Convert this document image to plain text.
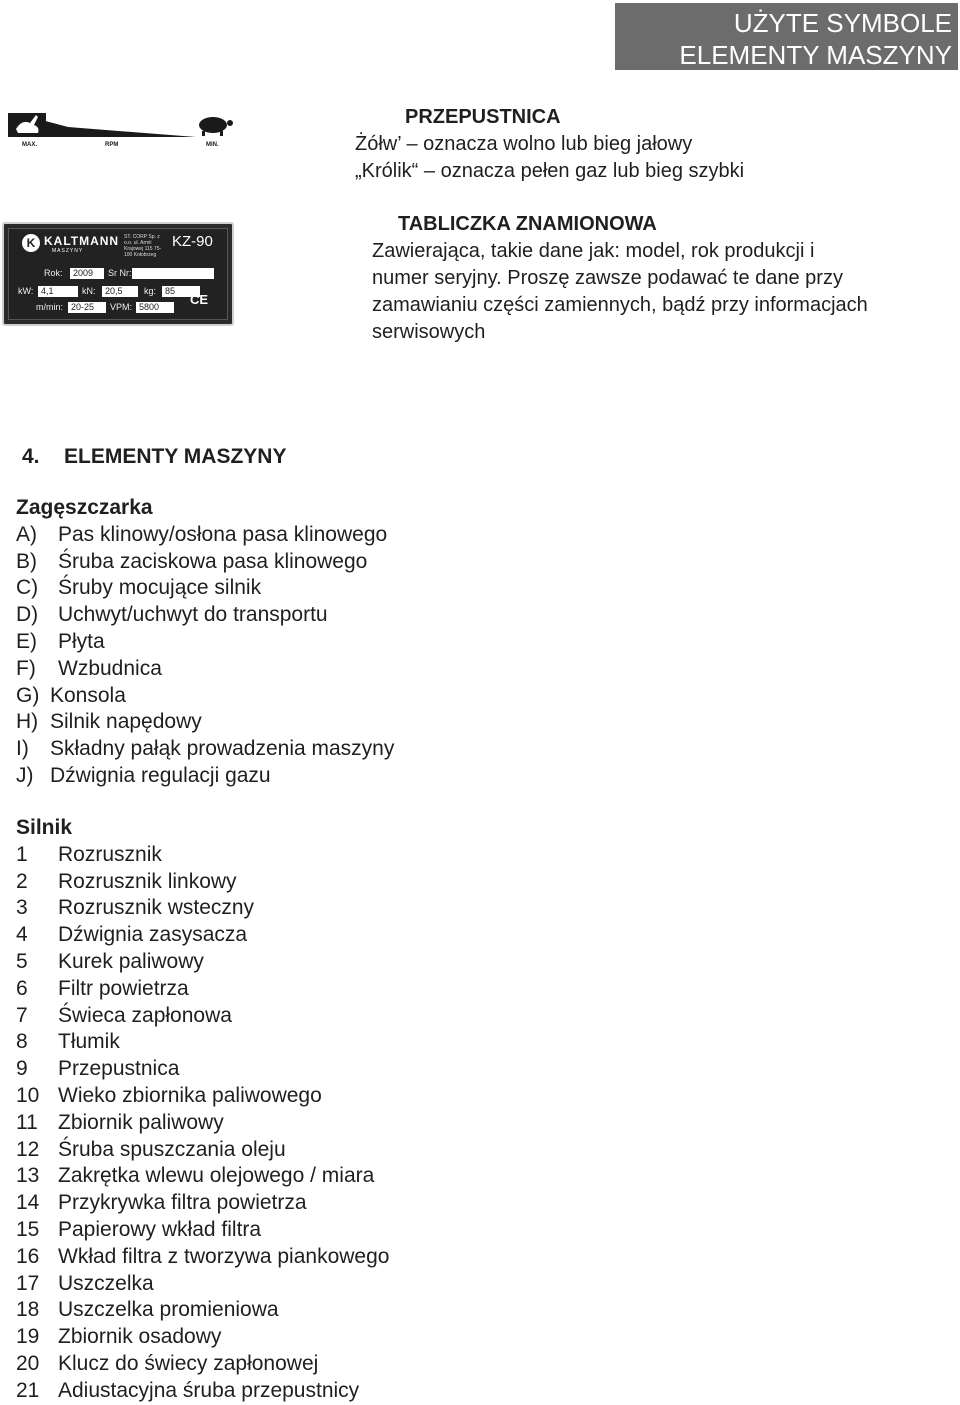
UŻYTE SYMBOLE
ELEMENTY MASZYNY
MAX.	RPM	MIN.
PRZEPUSTNICA
Żółw’ – oznacza wolno lub bieg jałowy
„Królik“ – oznacza pełen gaz lub bieg szybki
K KALTMANN
MASZYNY
ST. CORP Sp. z o.o. ul. Armii Krajowej 115 75-100 Kołobrzeg
KZ-90
Rok:	2009	Sr Nr:
kW: 4,1	kN:	20,5	kg: 85
m/min: 20-25	VPM: 5800	CE
TABLICZKA ZNAMIONOWA
Zawierająca, takie dane jak: model, rok produkcji i
numer seryjny. Proszę zawsze podawać te dane przy
zamawianiu części zamiennych, bądź przy informacjach
serwisowych
4. ELEMENTY MASZYNY
Zagęszczarka
A) Pas klinowy/osłona pasa klinowego
B) Śruba zaciskowa pasa klinowego
C) Śruby mocujące silnik
D) Uchwyt/uchwyt do transportu
E) Płyta
F) Wzbudnica
G) Konsola
H) Silnik napędowy
I) Składny pałąk prowadzenia maszyny
J) Dźwignia regulacji gazu
Silnik
1 Rozrusznik
2 Rozrusznik linkowy
3 Rozrusznik wsteczny
4 Dźwignia zasysacza
5 Kurek paliwowy
6 Filtr powietrza
7 Świeca zapłonowa
8 Tłumik
9 Przepustnica
10 Wieko zbiornika paliwowego
11 Zbiornik paliwowy
12 Śruba spuszczania oleju
13 Zakrętka wlewu olejowego / miara
14 Przykrywka filtra powietrza
15 Papierowy wkład filtra
16 Wkład filtra z tworzywa piankowego
17 Uszczelka
18 Uszczelka promieniowa
19 Zbiornik osadowy
20 Klucz do świecy zapłonowej
21 Adiustacyjna śruba przepustnicy
